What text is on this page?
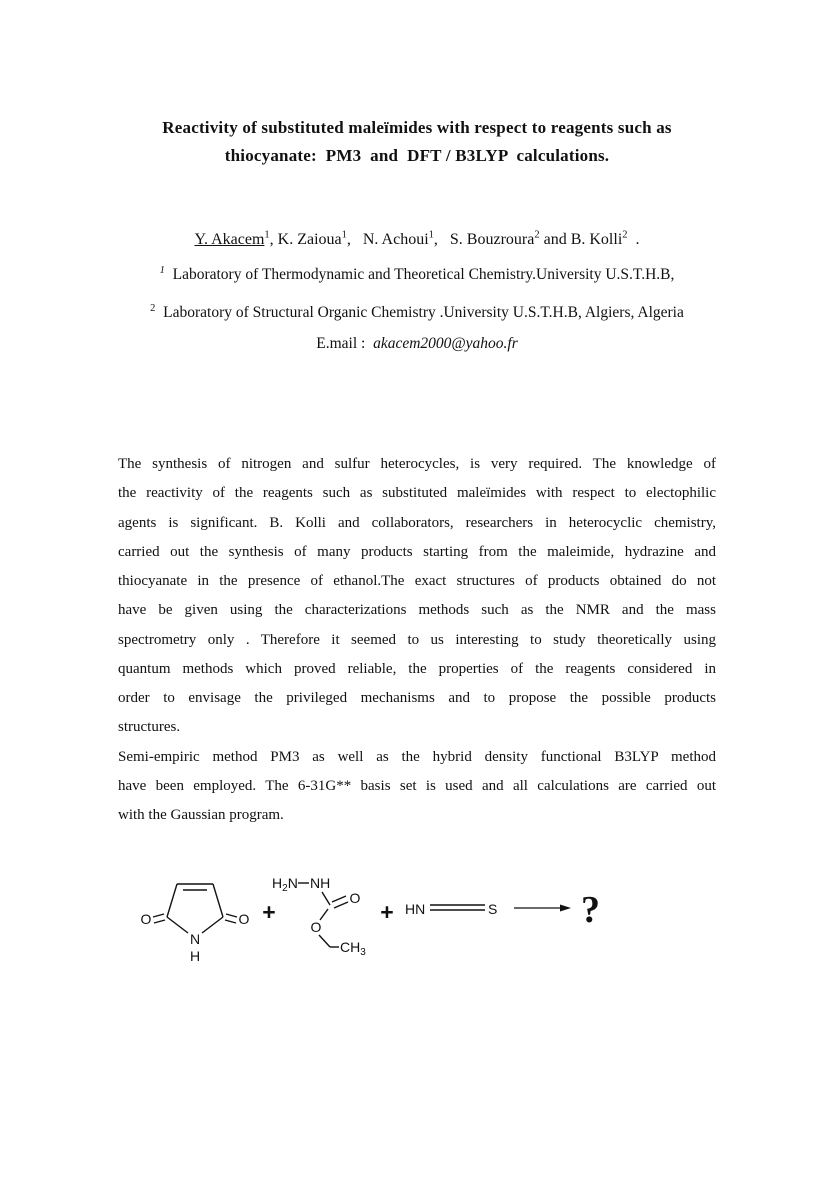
Reactivity of substituted maleïmides with respect to reagents such as
thiocyanate:  PM3  and  DFT / B3LYP  calculations.
Y. Akacem$^1$, K. Zaioua$^1$,   N. Achoui$^1$,   S. Bouzroura$^2$ and B. Kolli$^2$  .
$^1$  Laboratory of Thermodynamic and Theoretical Chemistry.University U.S.T.H.B,
$^2$  Laboratory of Structural Organic Chemistry .University U.S.T.H.B, Algiers, Algeria
E.mail :  akacem2000@yahoo.fr
The synthesis of nitrogen and sulfur heterocycles, is very required. The knowledge of
the reactivity of the reagents such as substituted maleïmides with respect to electophilic
agents is significant. B. Kolli and collaborators, researchers in heterocyclic chemistry,
carried out the synthesis of many products starting from the maleimide, hydrazine and
thiocyanate in the presence of ethanol.The exact structures of products obtained do not
have be given using the characterizations methods such as the NMR and the mass
spectrometry only . Therefore it seemed to us interesting to study theoretically using
quantum methods which proved reliable, the properties of the reagents considered in
order to envisage the privileged mechanisms and to propose the possible products
structures.
Semi-empiric method PM3 as well as the hybrid density functional B3LYP method
have been employed. The 6-31G** basis set is used and all calculations are carried out
with the Gaussian program.
O	O
N
H
+
$H_2N$ NH
O
O
$CH_3$
+ HN	S ?
